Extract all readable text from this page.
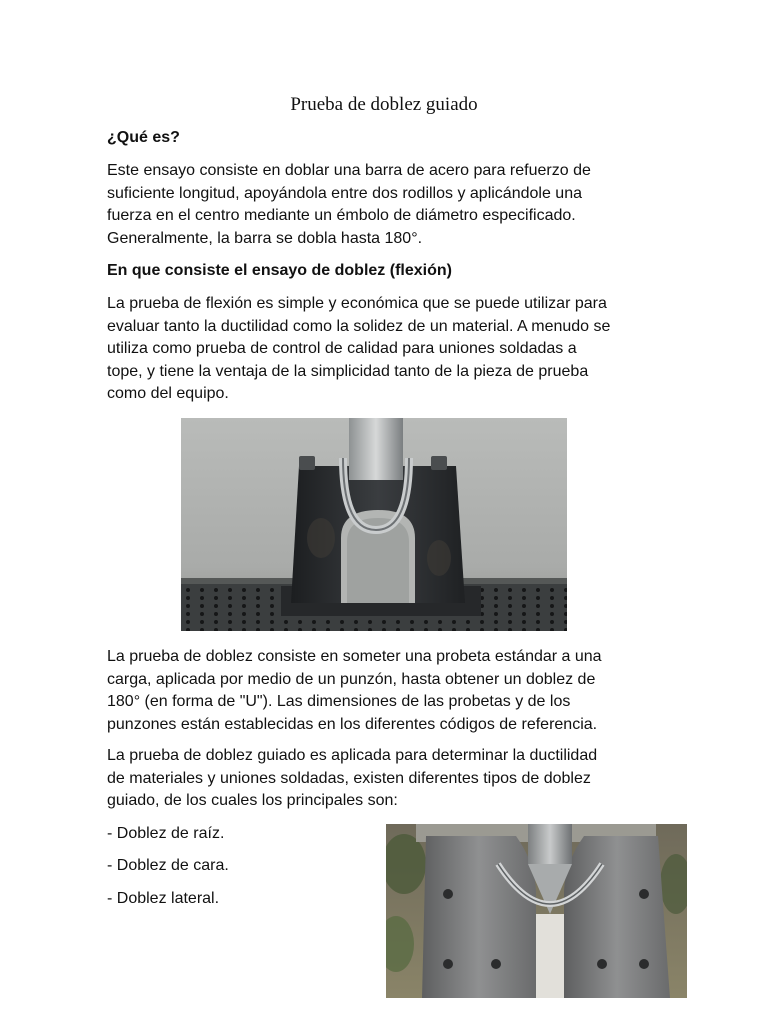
Prueba de doblez guiado
¿Qué es?
Este ensayo consiste en doblar una barra de acero para refuerzo de
suficiente longitud, apoyándola entre dos rodillos y aplicándole una
fuerza en el centro mediante un émbolo de diámetro especificado.
Generalmente, la barra se dobla hasta 180°.
En que consiste el ensayo de doblez (flexión)
La prueba de flexión es simple y económica que se puede utilizar para
evaluar tanto la ductilidad como la solidez de un material. A menudo se
utiliza como prueba de control de calidad para uniones soldadas a
tope, y tiene la ventaja de la simplicidad tanto de la pieza de prueba
como del equipo.
La prueba de doblez consiste en someter una probeta estándar a una
carga, aplicada por medio de un punzón, hasta obtener un doblez de
180° (en forma de "U"). Las dimensiones de las probetas y de los
punzones están establecidas en los diferentes códigos de referencia.
La prueba de doblez guiado es aplicada para determinar la ductilidad
de materiales y uniones soldadas, existen diferentes tipos de doblez
guiado, de los cuales los principales son:
- Doblez de raíz.
- Doblez de cara.
- Doblez lateral.
